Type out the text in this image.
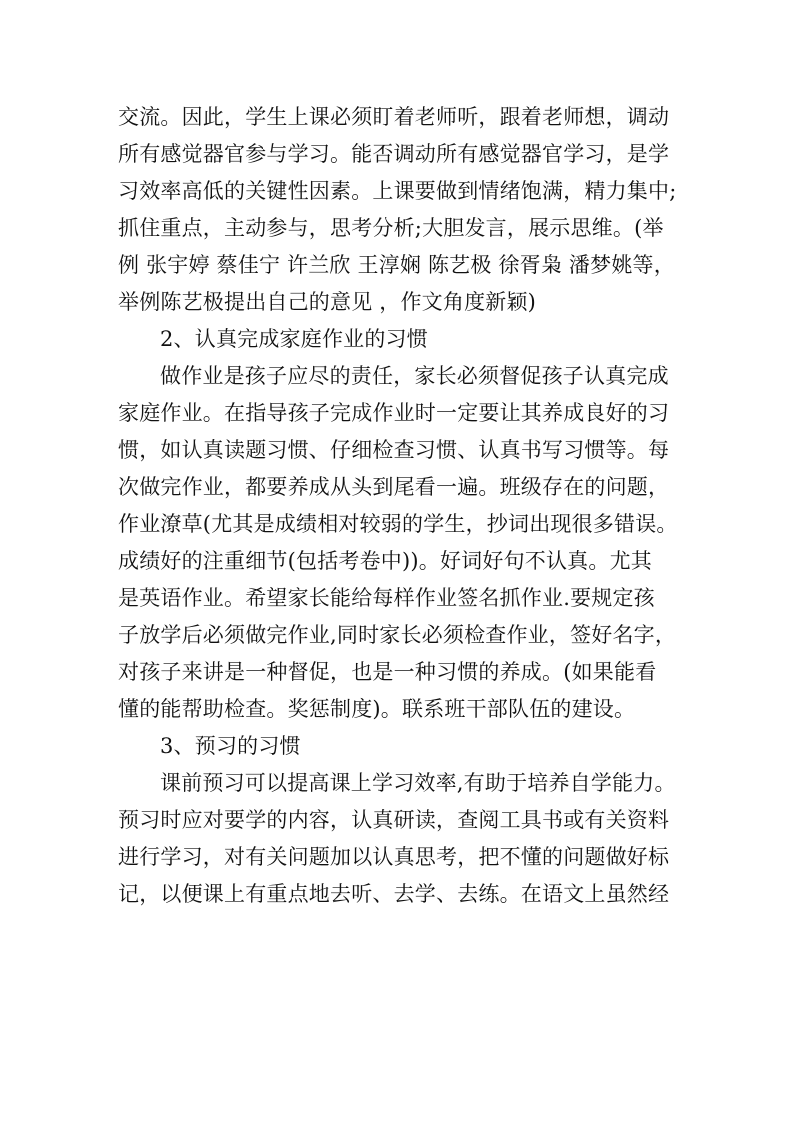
交流。因此，学生上课必须盯着老师听，跟着老师想，调动
所有感觉器官参与学习。能否调动所有感觉器官学习，是学
习效率高低的关键性因素。上课要做到情绪饱满，精力集中;
抓住重点，主动参与，思考分析;大胆发言，展示思维。(举
例 张宇婷 蔡佳宁 许兰欣 王淳娴 陈艺极 徐胥枭 潘梦姚等，
举例陈艺极提出自己的意见 ，作文角度新颖)
2、认真完成家庭作业的习惯
做作业是孩子应尽的责任，家长必须督促孩子认真完成
家庭作业。在指导孩子完成作业时一定要让其养成良好的习
惯，如认真读题习惯、仔细检查习惯、认真书写习惯等。每
次做完作业，都要养成从头到尾看一遍。班级存在的问题，
作业潦草(尤其是成绩相对较弱的学生，抄词出现很多错误。
成绩好的注重细节(包括考卷中))。好词好句不认真。尤其
是英语作业。希望家长能给每样作业签名抓作业.要规定孩
子放学后必须做完作业,同时家长必须检查作业，签好名字，
对孩子来讲是一种督促，也是一种习惯的养成。(如果能看
懂的能帮助检查。奖惩制度)。联系班干部队伍的建设。
3、预习的习惯
课前预习可以提高课上学习效率,有助于培养自学能力。
预习时应对要学的内容，认真研读，查阅工具书或有关资料
进行学习，对有关问题加以认真思考，把不懂的问题做好标
记，以便课上有重点地去听、去学、去练。在语文上虽然经
